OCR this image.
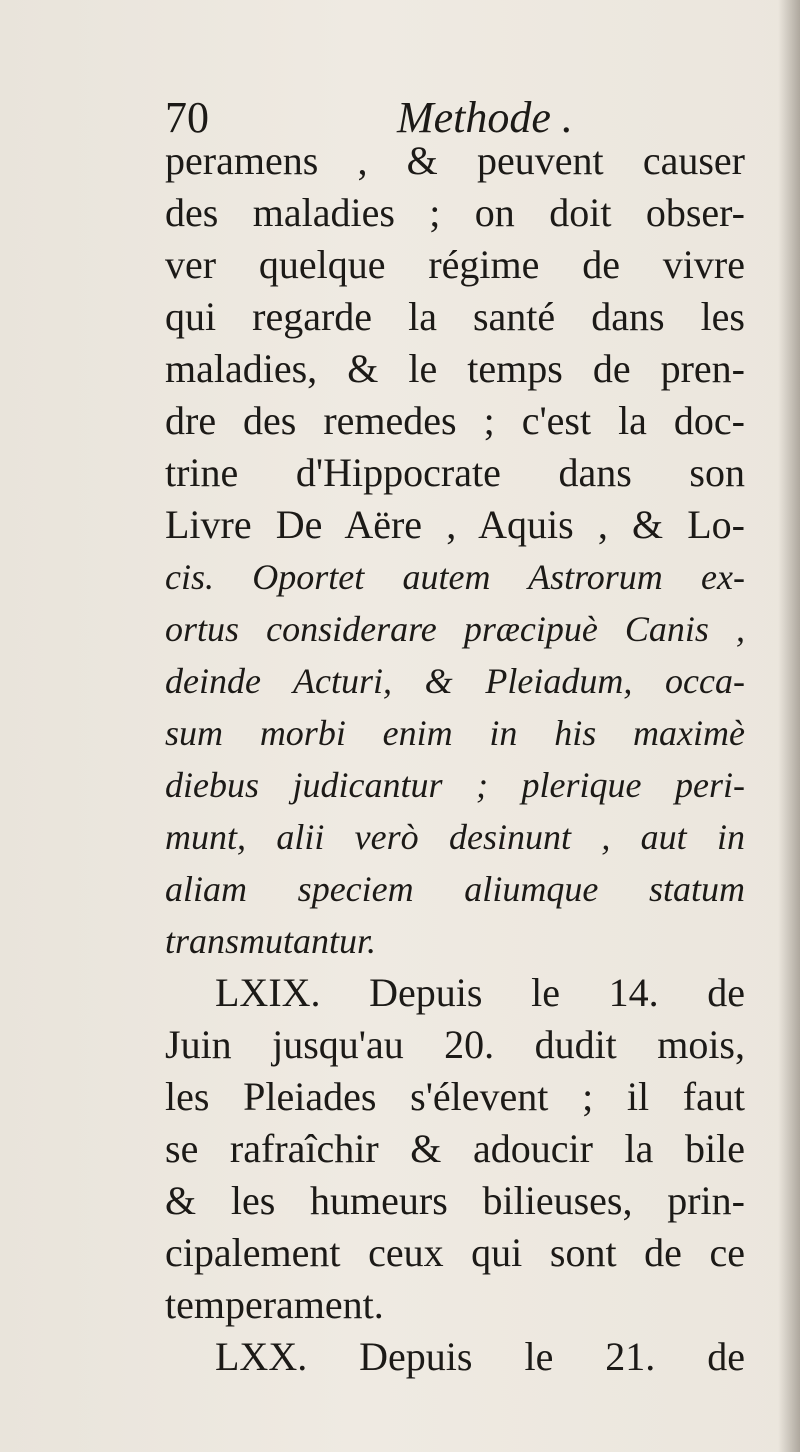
70	Methode .
peramens , & peuvent causer
des maladies ; on doit obser-
ver quelque régime de vivre
qui regarde la santé dans les
maladies, & le temps de pren-
dre des remedes ; c'est la doc-
trine d'Hippocrate dans son
Livre De Aëre , Aquis , & Lo-
cis. Oportet autem Astrorum ex-
ortus considerare præcipuè Canis ,
deinde Acturi, & Pleiadum, occa-
sum morbi enim in his maximè
diebus judicantur ; plerique peri-
munt, alii verò desinunt , aut in
aliam speciem aliumque statum
transmutantur.
LXIX. Depuis le 14. de
Juin jusqu'au 20. dudit mois,
les Pleiades s'élevent ; il faut
se rafraîchir & adoucir la bile
& les humeurs bilieuses, prin-
cipalement ceux qui sont de ce
temperament.
LXX. Depuis le 21. de
